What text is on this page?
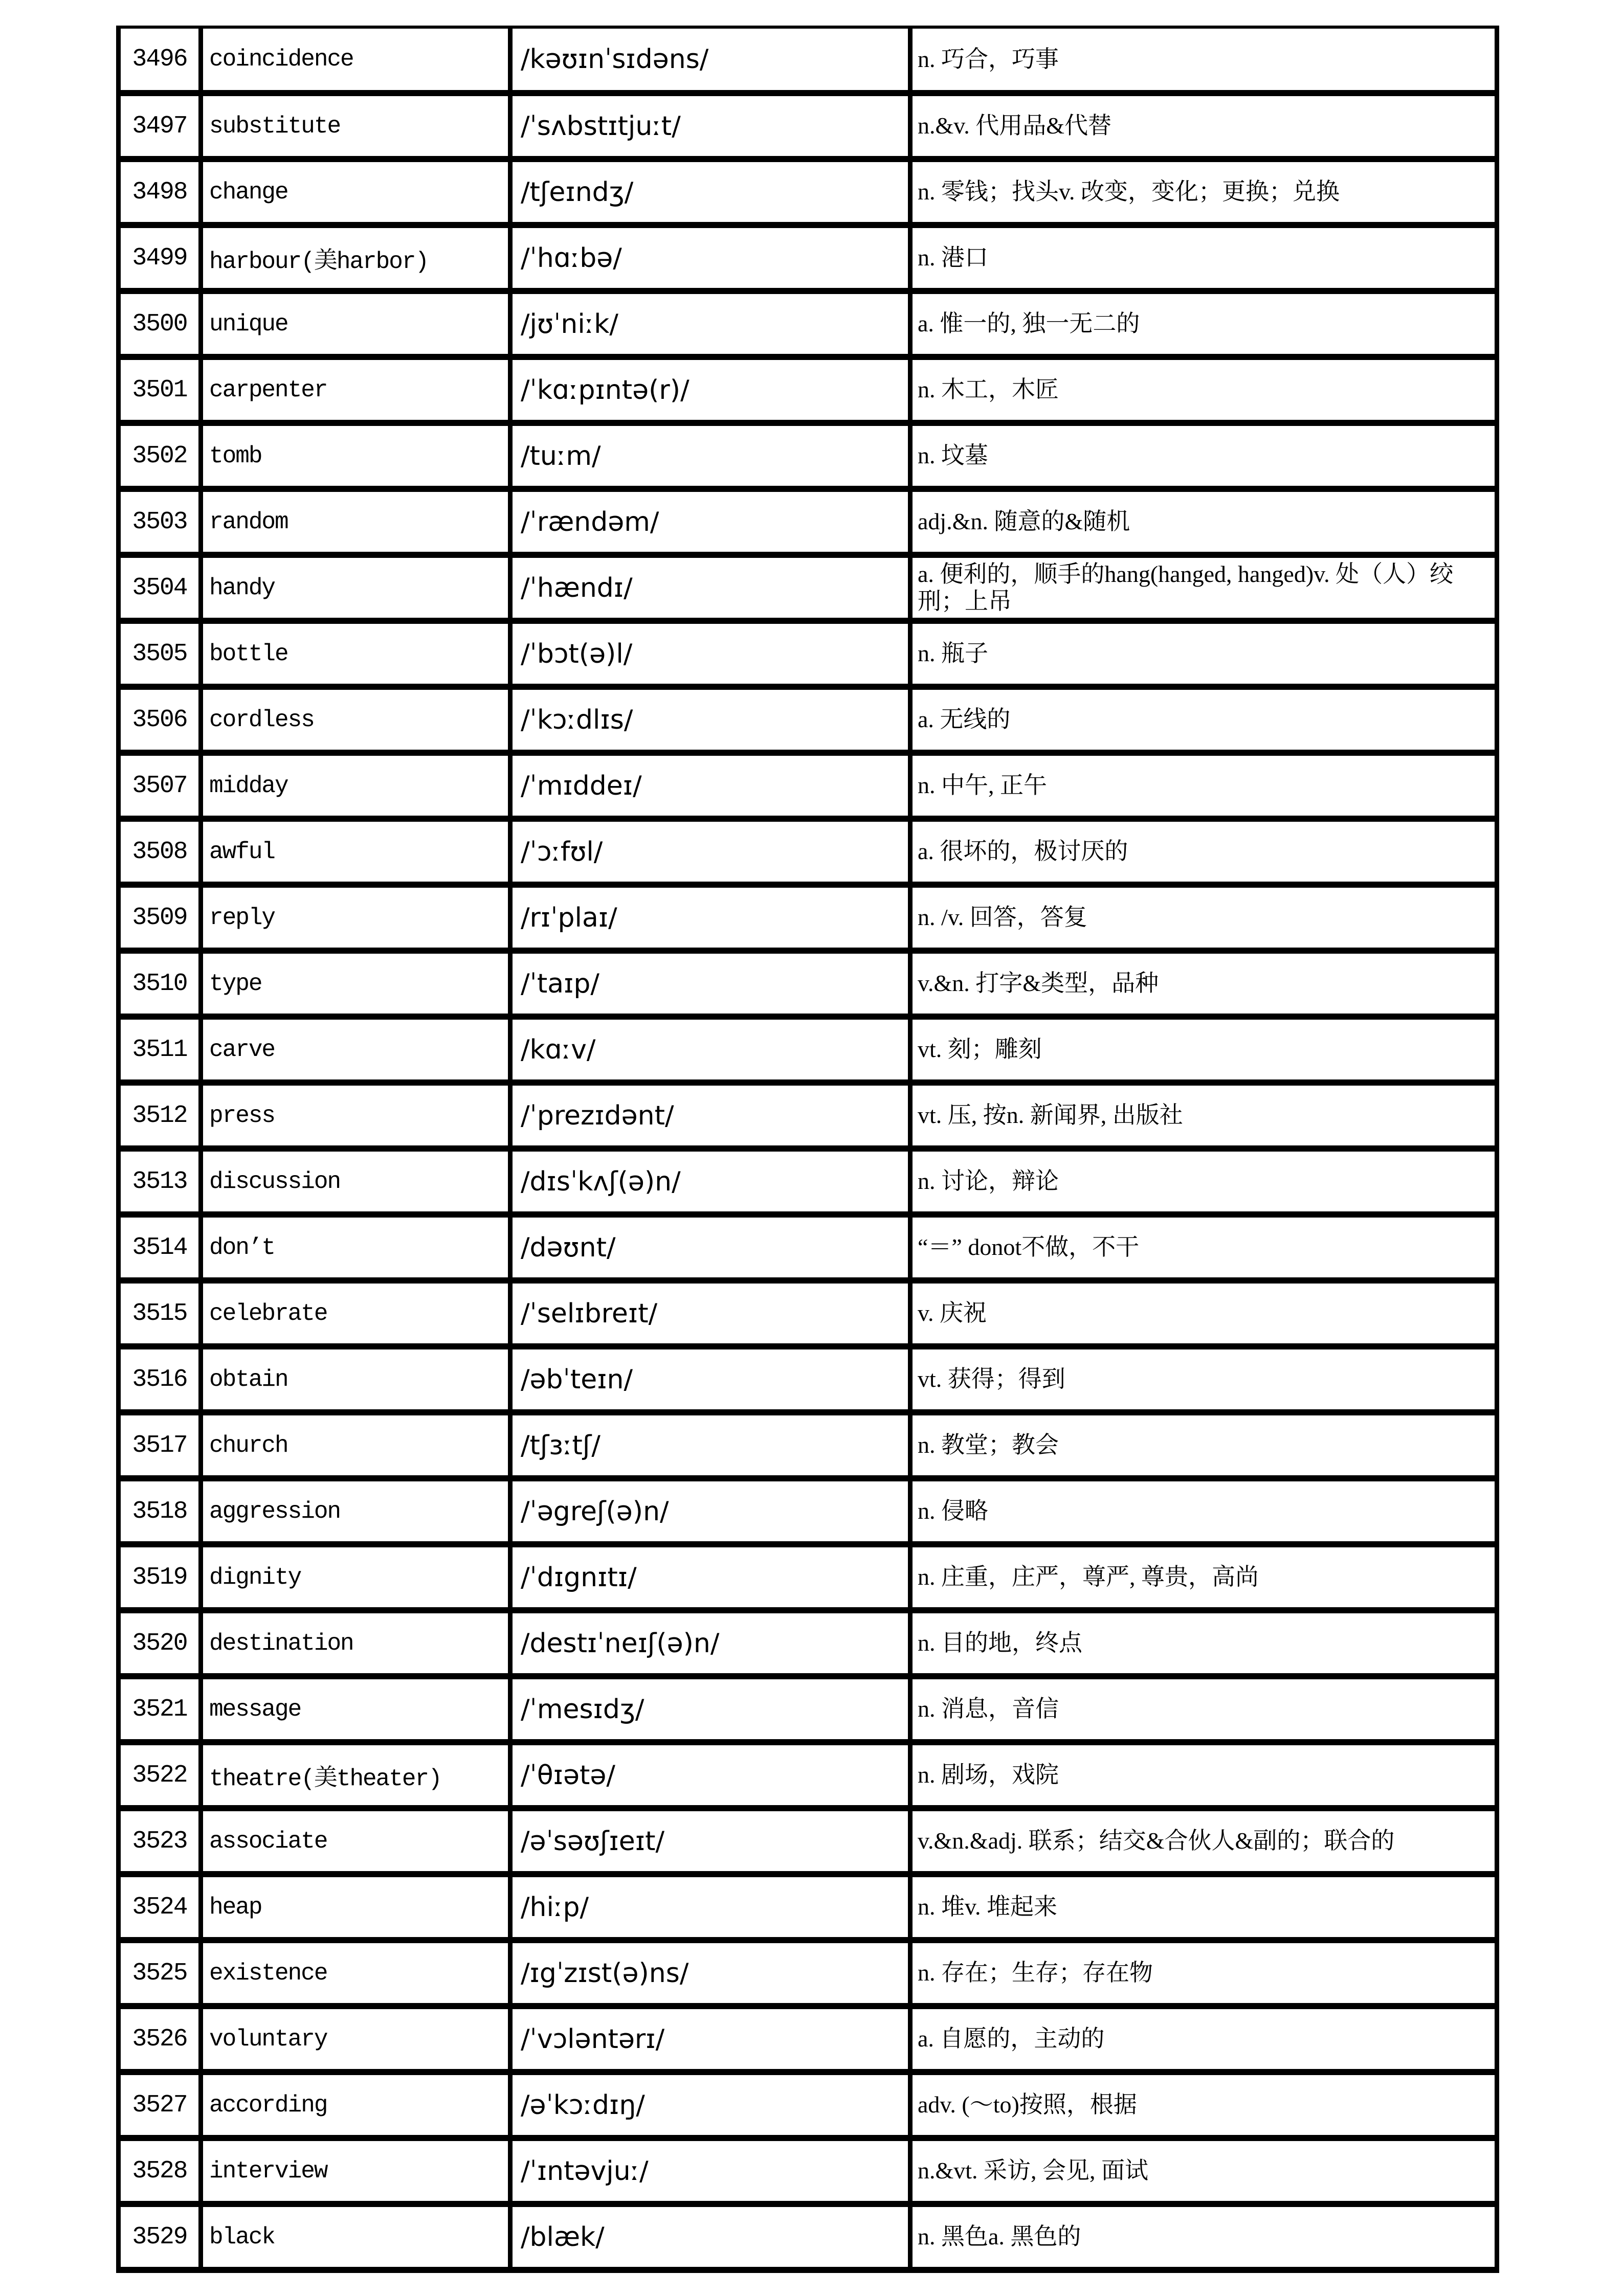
3496	coincidence	/kəʊɪnˈsɪdəns/	n. 巧合，巧事
3497	substitute	/ˈsʌbstɪtjuːt/	n.&v. 代用品&代替
3498	change	/tʃeɪndʒ/	n. 零钱；找头v. 改变，变化；更换；兑换
3499	harbour(美harbor)	/ˈhɑːbə/	n. 港口
3500	unique	/jʊˈniːk/	a. 惟一的, 独一无二的
3501	carpenter	/ˈkɑːpɪntə(r)/	n. 木工，木匠
3502	tomb	/tuːm/	n. 坟墓
3503	random	/ˈrændəm/	adj.&n. 随意的&随机
3504	handy	/ˈhændɪ/	a. 便利的，顺手的hang(hanged, hanged)v. 处（人）绞刑；上吊
3505	bottle	/ˈbɔt(ə)l/	n. 瓶子
3506	cordless	/ˈkɔːdlɪs/	a. 无线的
3507	midday	/ˈmɪddeɪ/	n. 中午, 正午
3508	awful	/ˈɔːfʊl/	a. 很坏的，极讨厌的
3509	reply	/rɪˈplaɪ/	n. /v. 回答，答复
3510	type	/ˈtaɪp/	v.&n. 打字&类型，品种
3511	carve	/kɑːv/	vt. 刻；雕刻
3512	press	/ˈprezɪdənt/	vt. 压, 按n. 新闻界, 出版社
3513	discussion	/dɪsˈkʌʃ(ə)n/	n. 讨论，辩论
3514	don’t	/dəʊnt/	“＝” donot不做，不干
3515	celebrate	/ˈselɪbreɪt/	v. 庆祝
3516	obtain	/əbˈteɪn/	vt. 获得；得到
3517	church	/tʃɜːtʃ/	n. 教堂；教会
3518	aggression	/ˈəgreʃ(ə)n/	n. 侵略
3519	dignity	/ˈdɪgnɪtɪ/	n. 庄重，庄严，尊严, 尊贵，高尚
3520	destination	/destɪˈneɪʃ(ə)n/	n. 目的地，终点
3521	message	/ˈmesɪdʒ/	n. 消息，音信
3522	theatre(美theater)	/ˈθɪətə/	n. 剧场，戏院
3523	associate	/əˈsəʊʃɪeɪt/	v.&n.&adj. 联系；结交&合伙人&副的；联合的
3524	heap	/hiːp/	n. 堆v. 堆起来
3525	existence	/ɪgˈzɪst(ə)ns/	n. 存在；生存；存在物
3526	voluntary	/ˈvɔləntərɪ/	a. 自愿的，主动的
3527	according	/əˈkɔːdɪŋ/	adv. (～to)按照，根据
3528	interview	/ˈɪntəvjuː/	n.&vt. 采访, 会见, 面试
3529	black	/blæk/	n. 黑色a. 黑色的
